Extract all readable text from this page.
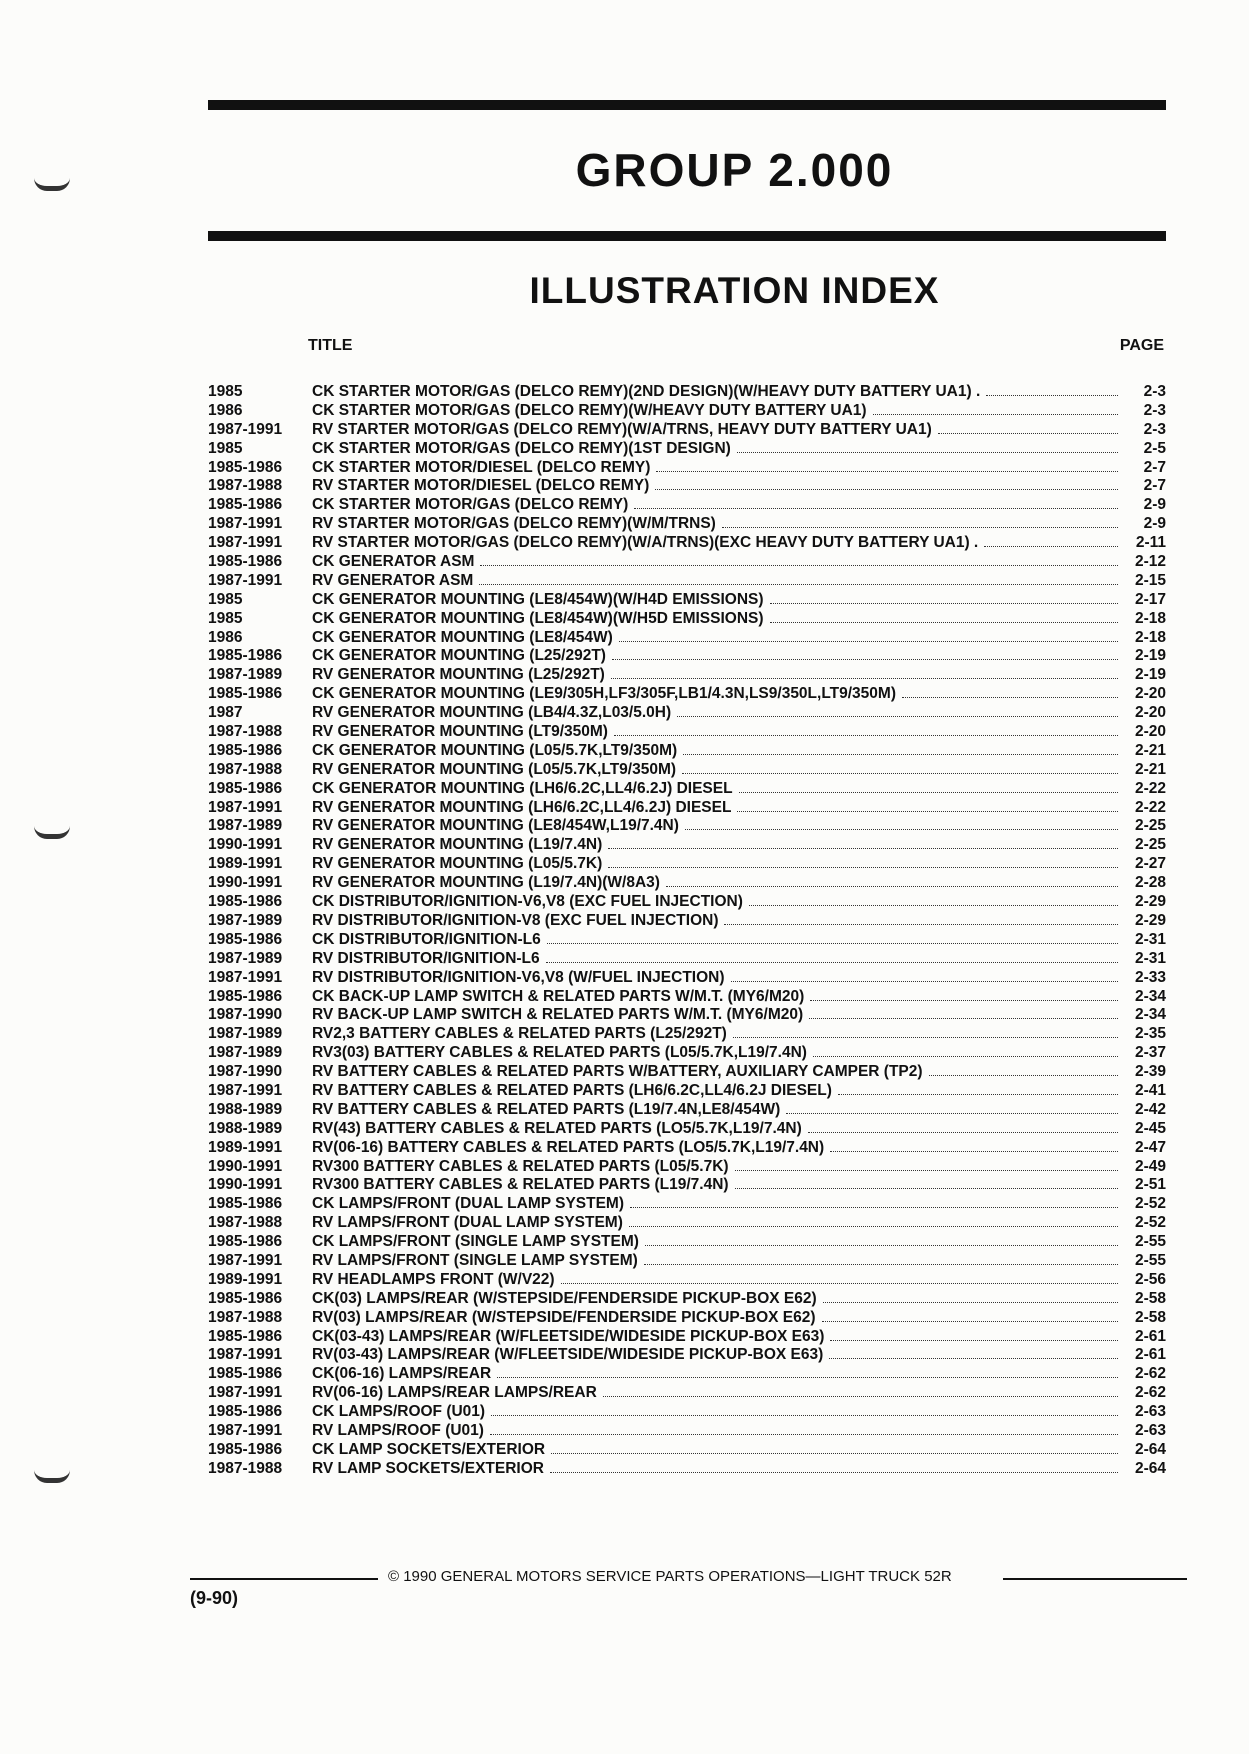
GROUP 2.000
ILLUSTRATION INDEX
TITLE	PAGE
1985	CK STARTER MOTOR/GAS (DELCO REMY)(2ND DESIGN)(W/HEAVY DUTY BATTERY UA1) .	2-3
1986	CK STARTER MOTOR/GAS (DELCO REMY)(W/HEAVY DUTY BATTERY UA1)	2-3
1987-1991	RV STARTER MOTOR/GAS (DELCO REMY)(W/A/TRNS, HEAVY DUTY BATTERY UA1)	2-3
1985	CK STARTER MOTOR/GAS (DELCO REMY)(1ST DESIGN)	2-5
1985-1986	CK STARTER MOTOR/DIESEL (DELCO REMY)	2-7
1987-1988	RV STARTER MOTOR/DIESEL (DELCO REMY)	2-7
1985-1986	CK STARTER MOTOR/GAS (DELCO REMY)	2-9
1987-1991	RV STARTER MOTOR/GAS (DELCO REMY)(W/M/TRNS)	2-9
1987-1991	RV STARTER MOTOR/GAS (DELCO REMY)(W/A/TRNS)(EXC HEAVY DUTY BATTERY UA1) .	2-11
1985-1986	CK GENERATOR ASM	2-12
1987-1991	RV GENERATOR ASM	2-15
1985	CK GENERATOR MOUNTING (LE8/454W)(W/H4D EMISSIONS)	2-17
1985	CK GENERATOR MOUNTING (LE8/454W)(W/H5D EMISSIONS)	2-18
1986	CK GENERATOR MOUNTING (LE8/454W)	2-18
1985-1986	CK GENERATOR MOUNTING (L25/292T)	2-19
1987-1989	RV GENERATOR MOUNTING (L25/292T)	2-19
1985-1986	CK GENERATOR MOUNTING (LE9/305H,LF3/305F,LB1/4.3N,LS9/350L,LT9/350M)	2-20
1987	RV GENERATOR MOUNTING (LB4/4.3Z,L03/5.0H)	2-20
1987-1988	RV GENERATOR MOUNTING (LT9/350M)	2-20
1985-1986	CK GENERATOR MOUNTING (L05/5.7K,LT9/350M)	2-21
1987-1988	RV GENERATOR MOUNTING (L05/5.7K,LT9/350M)	2-21
1985-1986	CK GENERATOR MOUNTING (LH6/6.2C,LL4/6.2J) DIESEL	2-22
1987-1991	RV GENERATOR MOUNTING (LH6/6.2C,LL4/6.2J) DIESEL	2-22
1987-1989	RV GENERATOR MOUNTING (LE8/454W,L19/7.4N)	2-25
1990-1991	RV GENERATOR MOUNTING (L19/7.4N)	2-25
1989-1991	RV GENERATOR MOUNTING (L05/5.7K)	2-27
1990-1991	RV GENERATOR MOUNTING (L19/7.4N)(W/8A3)	2-28
1985-1986	CK DISTRIBUTOR/IGNITION-V6,V8 (EXC FUEL INJECTION)	2-29
1987-1989	RV DISTRIBUTOR/IGNITION-V8 (EXC FUEL INJECTION)	2-29
1985-1986	CK DISTRIBUTOR/IGNITION-L6	2-31
1987-1989	RV DISTRIBUTOR/IGNITION-L6	2-31
1987-1991	RV DISTRIBUTOR/IGNITION-V6,V8 (W/FUEL INJECTION)	2-33
1985-1986	CK BACK-UP LAMP SWITCH & RELATED PARTS W/M.T. (MY6/M20)	2-34
1987-1990	RV BACK-UP LAMP SWITCH & RELATED PARTS W/M.T. (MY6/M20)	2-34
1987-1989	RV2,3 BATTERY CABLES & RELATED PARTS (L25/292T)	2-35
1987-1989	RV3(03) BATTERY CABLES & RELATED PARTS (L05/5.7K,L19/7.4N)	2-37
1987-1990	RV BATTERY CABLES & RELATED PARTS W/BATTERY, AUXILIARY CAMPER (TP2)	2-39
1987-1991	RV BATTERY CABLES & RELATED PARTS (LH6/6.2C,LL4/6.2J DIESEL)	2-41
1988-1989	RV BATTERY CABLES & RELATED PARTS (L19/7.4N,LE8/454W)	2-42
1988-1989	RV(43) BATTERY CABLES & RELATED PARTS (LO5/5.7K,L19/7.4N)	2-45
1989-1991	RV(06-16) BATTERY CABLES & RELATED PARTS (LO5/5.7K,L19/7.4N)	2-47
1990-1991	RV300 BATTERY CABLES & RELATED PARTS (L05/5.7K)	2-49
1990-1991	RV300 BATTERY CABLES & RELATED PARTS (L19/7.4N)	2-51
1985-1986	CK LAMPS/FRONT (DUAL LAMP SYSTEM)	2-52
1987-1988	RV LAMPS/FRONT (DUAL LAMP SYSTEM)	2-52
1985-1986	CK LAMPS/FRONT (SINGLE LAMP SYSTEM)	2-55
1987-1991	RV LAMPS/FRONT (SINGLE LAMP SYSTEM)	2-55
1989-1991	RV HEADLAMPS FRONT (W/V22)	2-56
1985-1986	CK(03) LAMPS/REAR (W/STEPSIDE/FENDERSIDE PICKUP-BOX E62)	2-58
1987-1988	RV(03) LAMPS/REAR (W/STEPSIDE/FENDERSIDE PICKUP-BOX E62)	2-58
1985-1986	CK(03-43) LAMPS/REAR (W/FLEETSIDE/WIDESIDE PICKUP-BOX E63)	2-61
1987-1991	RV(03-43) LAMPS/REAR (W/FLEETSIDE/WIDESIDE PICKUP-BOX E63)	2-61
1985-1986	CK(06-16) LAMPS/REAR	2-62
1987-1991	RV(06-16) LAMPS/REAR LAMPS/REAR	2-62
1985-1986	CK LAMPS/ROOF (U01)	2-63
1987-1991	RV LAMPS/ROOF (U01)	2-63
1985-1986	CK LAMP SOCKETS/EXTERIOR	2-64
1987-1988	RV LAMP SOCKETS/EXTERIOR	2-64
© 1990 GENERAL MOTORS SERVICE PARTS OPERATIONS—LIGHT TRUCK 52R
(9-90)
